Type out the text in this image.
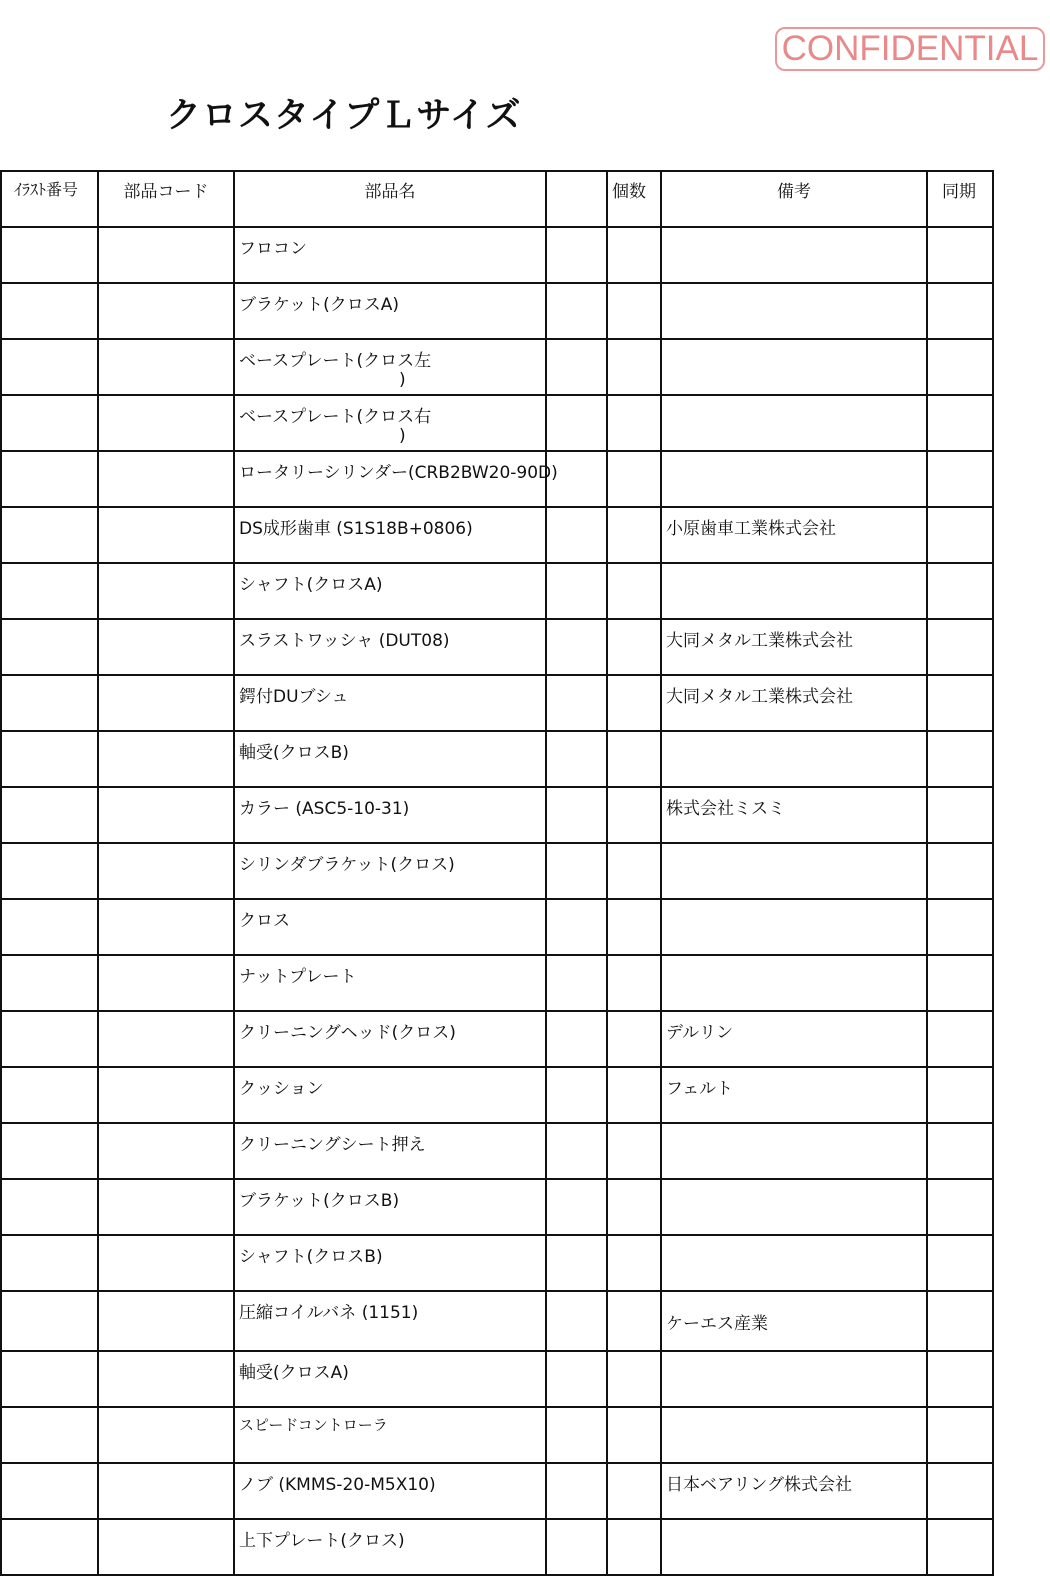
CONFIDENTIAL
クロスタイプＬサイズ
ｲﾗｽﾄ番号	部品コード	部品名		個数	備考	同期

		フロコン				

		ブラケット(クロスA)				

		ベースプレート(クロス左
)				

		ベースプレート(クロス右
)				

		ロータリーシリンダー(CRB2BW20-90D)				

		DS成形歯車 (S1S18B+0806)			小原歯車工業株式会社	

		シャフト(クロスA)				

		スラストワッシャ (DUT08)			大同メタル工業株式会社	

		鍔付DUブシュ			大同メタル工業株式会社	

		軸受(クロスB)				

		カラー (ASC5-10-31)			株式会社ミスミ	

		シリンダブラケット(クロス)				

		クロス				

		ナットプレート				

		クリーニングヘッド(クロス)			デルリン	

		クッション			フェルト	

		クリーニングシート押え				

		ブラケット(クロスB)				

		シャフト(クロスB)				

		圧縮コイルバネ (1151)			ケーエス産業	

		軸受(クロスA)				

		スピードコントローラ				

		ノブ (KMMS-20-M5X10)			日本ベアリング株式会社	

		上下プレート(クロス)				
